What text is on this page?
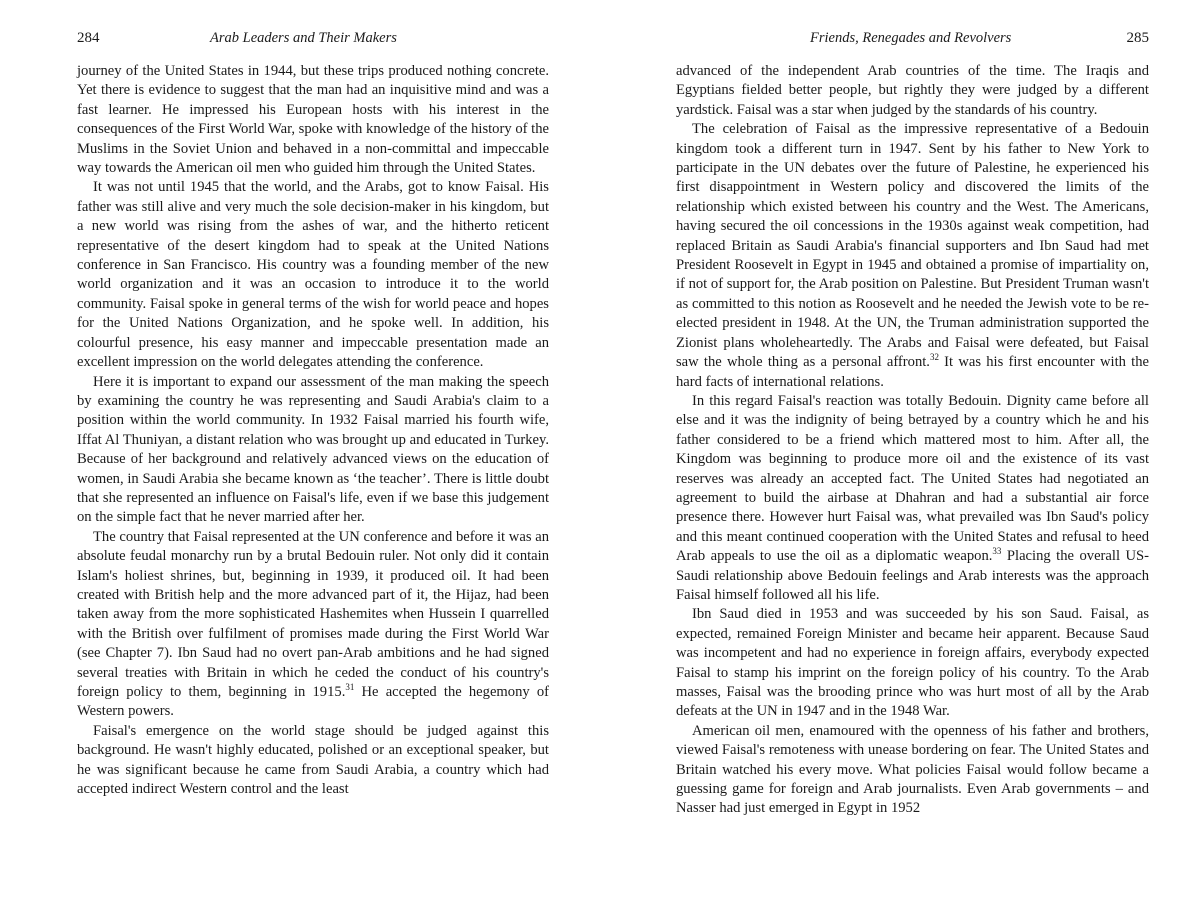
284	Arab Leaders and Their Makers

journey of the United States in 1944, but these trips produced nothing concrete. Yet there is evidence to suggest that the man had an inquisitive mind and was a fast learner. He impressed his European hosts with his interest in the consequences of the First World War, spoke with knowledge of the history of the Muslims in the Soviet Union and behaved in a non-committal and impeccable way towards the American oil men who guided him through the United States.

It was not until 1945 that the world, and the Arabs, got to know Faisal. His father was still alive and very much the sole decision-maker in his kingdom, but a new world was rising from the ashes of war, and the hitherto reticent representative of the desert kingdom had to speak at the United Nations conference in San Francisco. His country was a founding member of the new world organization and it was an occasion to introduce it to the world community. Faisal spoke in general terms of the wish for world peace and hopes for the United Nations Organization, and he spoke well. In addition, his colourful presence, his easy manner and impeccable presentation made an excellent impression on the world delegates attending the conference.

Here it is important to expand our assessment of the man making the speech by examining the country he was representing and Saudi Arabia's claim to a position within the world community. In 1932 Faisal married his fourth wife, Iffat Al Thuniyan, a distant relation who was brought up and educated in Turkey. Because of her background and relatively advanced views on the education of women, in Saudi Arabia she became known as ‘the teacher’. There is little doubt that she represented an influence on Faisal's life, even if we base this judgement on the simple fact that he never married after her.

The country that Faisal represented at the UN conference and before it was an absolute feudal monarchy run by a brutal Bedouin ruler. Not only did it contain Islam's holiest shrines, but, beginning in 1939, it produced oil. It had been created with British help and the more advanced part of it, the Hijaz, had been taken away from the more sophisticated Hashemites when Hussein I quarrelled with the British over fulfilment of promises made during the First World War (see Chapter 7). Ibn Saud had no overt pan-Arab ambitions and he had signed several treaties with Britain in which he ceded the conduct of his country's foreign policy to them, beginning in 1915.31 He accepted the hegemony of Western powers.

Faisal's emergence on the world stage should be judged against this background. He wasn't highly educated, polished or an exceptional speaker, but he was significant because he came from Saudi Arabia, a country which had accepted indirect Western control and the least

Friends, Renegades and Revolvers	285

advanced of the independent Arab countries of the time. The Iraqis and Egyptians fielded better people, but rightly they were judged by a different yardstick. Faisal was a star when judged by the standards of his country.

The celebration of Faisal as the impressive representative of a Bedouin kingdom took a different turn in 1947. Sent by his father to New York to participate in the UN debates over the future of Palestine, he experienced his first disappointment in Western policy and discovered the limits of the relationship which existed between his country and the West. The Americans, having secured the oil concessions in the 1930s against weak competition, had replaced Britain as Saudi Arabia's financial supporters and Ibn Saud had met President Roosevelt in Egypt in 1945 and obtained a promise of impartiality on, if not of support for, the Arab position on Palestine. But President Truman wasn't as committed to this notion as Roosevelt and he needed the Jewish vote to be re-elected president in 1948. At the UN, the Truman administration supported the Zionist plans wholeheartedly. The Arabs and Faisal were defeated, but Faisal saw the whole thing as a personal affront.$^{32}$ It was his first encounter with the hard facts of international relations.

In this regard Faisal's reaction was totally Bedouin. Dignity came before all else and it was the indignity of being betrayed by a country which he and his father considered to be a friend which mattered most to him. After all, the Kingdom was beginning to produce more oil and the existence of its vast reserves was already an accepted fact. The United States had negotiated an agreement to build the airbase at Dhahran and had a substantial air force presence there. However hurt Faisal was, what prevailed was Ibn Saud's policy and this meant continued cooperation with the United States and refusal to heed Arab appeals to use the oil as a diplomatic weapon.$^{33}$ Placing the overall US-Saudi relationship above Bedouin feelings and Arab interests was the approach Faisal himself followed all his life.

Ibn Saud died in 1953 and was succeeded by his son Saud. Faisal, as expected, remained Foreign Minister and became heir apparent. Because Saud was incompetent and had no experience in foreign affairs, everybody expected Faisal to stamp his imprint on the foreign policy of his country. To the Arab masses, Faisal was the brooding prince who was hurt most of all by the Arab defeats at the UN in 1947 and in the 1948 War.

American oil men, enamoured with the openness of his father and brothers, viewed Faisal's remoteness with unease bordering on fear. The United States and Britain watched his every move. What policies Faisal would follow became a guessing game for foreign and Arab journalists. Even Arab governments – and Nasser had just emerged in Egypt in 1952
